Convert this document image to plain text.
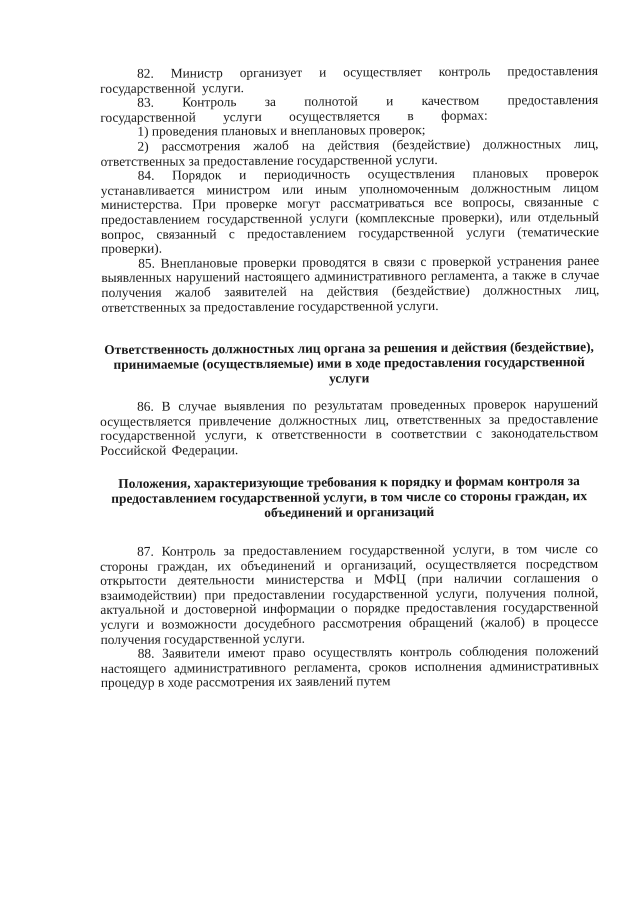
82. Министр организует и осуществляет контроль предоставления государственной услуги.

83. Контроль за полнотой и качеством предоставления государственной услуги осуществляется в формах:

1) проведения плановых и внеплановых проверок;

2) рассмотрения жалоб на действия (бездействие) должностных лиц, ответственных за предоставление государственной услуги.

84. Порядок и периодичность осуществления плановых проверок устанавливается министром или иным уполномоченным должностным лицом министерства. При проверке могут рассматриваться все вопросы, связанные с предоставлением государственной услуги (комплексные проверки), или отдельный вопрос, связанный с предоставлением государственной услуги (тематические проверки).

85. Внеплановые проверки проводятся в связи с проверкой устранения ранее выявленных нарушений настоящего административного регламента, а также в случае получения жалоб заявителей на действия (бездействие) должностных лиц, ответственных за предоставление государственной услуги.

Ответственность должностных лиц органа за решения и действия (бездействие), принимаемые (осуществляемые) ими в ходе предоставления государственной услуги

86. В случае выявления по результатам проведенных проверок нарушений осуществляется привлечение должностных лиц, ответственных за предоставление государственной услуги, к ответственности в соответствии с законодательством Российской Федерации.

Положения, характеризующие требования к порядку и формам контроля за предоставлением государственной услуги, в том числе со стороны граждан, их объединений и организаций

87. Контроль за предоставлением государственной услуги, в том числе со стороны граждан, их объединений и организаций, осуществляется посредством открытости деятельности министерства и МФЦ (при наличии соглашения о взаимодействии) при предоставлении государственной услуги, получения полной, актуальной и достоверной информации о порядке предоставления государственной услуги и возможности досудебного рассмотрения обращений (жалоб) в процессе получения государственной услуги.

88. Заявители имеют право осуществлять контроль соблюдения положений настоящего административного регламента, сроков исполнения административных процедур в ходе рассмотрения их заявлений путем
